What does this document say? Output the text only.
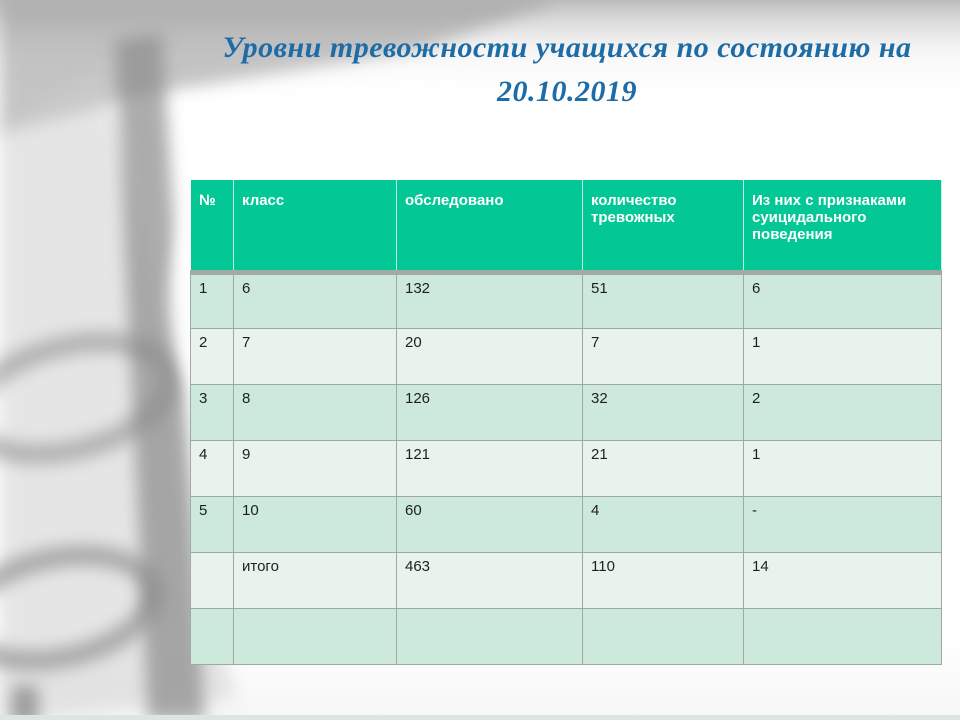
Уровни тревожности учащихся по состоянию на
20.10.2019
№	класс	обследовано	количество тревожных	Из них с признаками суицидального поведения
1	6	132	51	6
2	7	20	7	1
3	8	126	32	2
4	9	121	21	1
5	10	60	4	-
	итого	463	110	14
